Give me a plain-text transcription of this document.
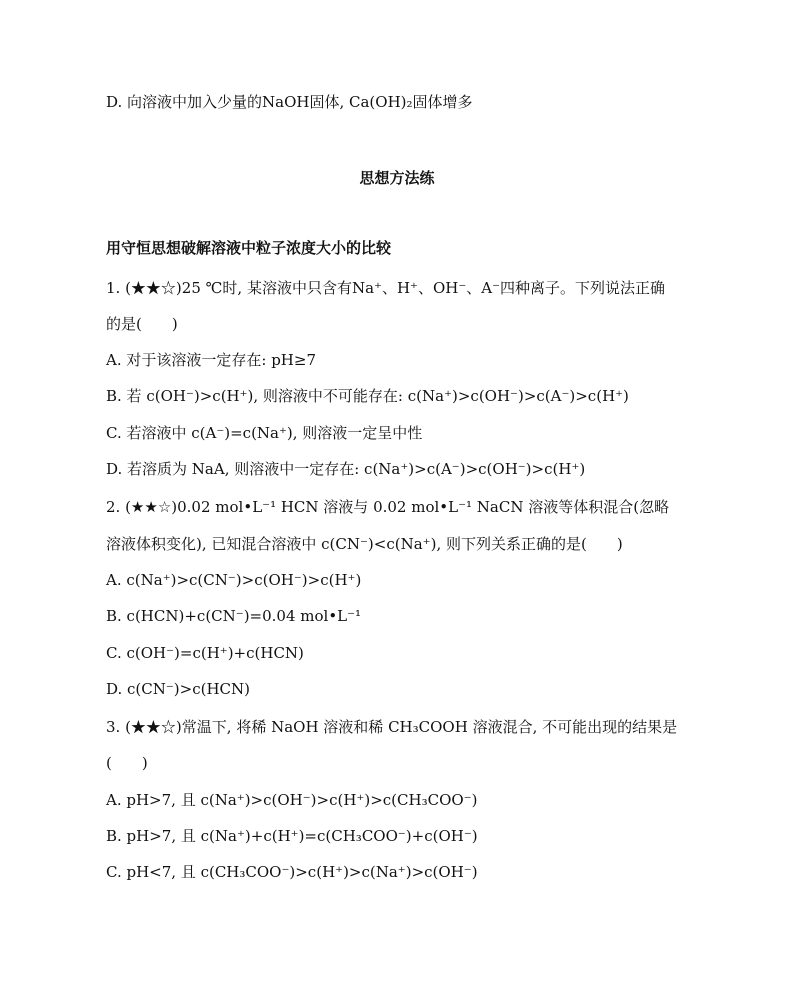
D. 向溶液中加入少量的NaOH固体, Ca(OH)₂固体增多
思想方法练
用守恒思想破解溶液中粒子浓度大小的比较
1. (★★☆)25 ℃时, 某溶液中只含有Na⁺、H⁺、OH⁻、A⁻四种离子。下列说法正确
的是(　　)
A. 对于该溶液一定存在: pH≥7
B. 若 c(OH⁻)>c(H⁺), 则溶液中不可能存在: c(Na⁺)>c(OH⁻)>c(A⁻)>c(H⁺)
C. 若溶液中 c(A⁻)=c(Na⁺), 则溶液一定呈中性
D. 若溶质为 NaA, 则溶液中一定存在: c(Na⁺)>c(A⁻)>c(OH⁻)>c(H⁺)
2. (★★☆)0.02 mol•L⁻¹ HCN 溶液与 0.02 mol•L⁻¹ NaCN 溶液等体积混合(忽略
溶液体积变化), 已知混合溶液中 c(CN⁻)<c(Na⁺), 则下列关系正确的是(　　)
A. c(Na⁺)>c(CN⁻)>c(OH⁻)>c(H⁺)
B. c(HCN)+c(CN⁻)=0.04 mol•L⁻¹
C. c(OH⁻)=c(H⁺)+c(HCN)
D. c(CN⁻)>c(HCN)
3. (★★☆)常温下, 将稀 NaOH 溶液和稀 CH₃COOH 溶液混合, 不可能出现的结果是
(　　)
A. pH>7, 且 c(Na⁺)>c(OH⁻)>c(H⁺)>c(CH₃COO⁻)
B. pH>7, 且 c(Na⁺)+c(H⁺)=c(CH₃COO⁻)+c(OH⁻)
C. pH<7, 且 c(CH₃COO⁻)>c(H⁺)>c(Na⁺)>c(OH⁻)
